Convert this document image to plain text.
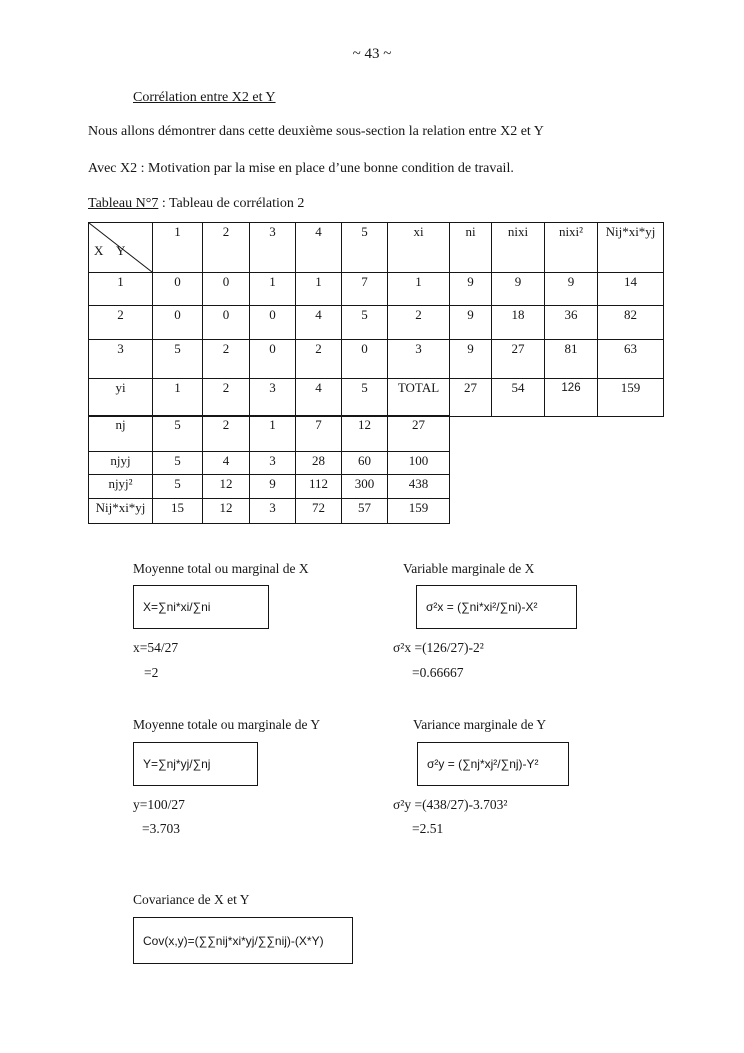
~ 43 ~
Corrélation entre X2 et Y
Nous allons démontrer dans cette deuxième sous-section la relation entre X2 et Y
Avec X2 : Motivation par la mise en place d’une bonne condition de travail.
Tableau N°7 : Tableau de corrélation 2
X Y	1	2	3	4	5	xi	ni	nixi	nixi²	Nij*xi*yj
1	0	0	1	1	7	1	9	9	9	14
2	0	0	0	4	5	2	9	18	36	82
3	5	2	0	2	0	3	9	27	81	63
yi	1	2	3	4	5	TOTAL	27	54	126	159
nj	5	2	1	7	12	27
njyj	5	4	3	28	60	100
njyj²	5	12	9	112	300	438
Nij*xi*yj	15	12	3	72	57	159
Moyenne total ou marginal de X
X=∑ni*xi/∑ni
x=54/27
=2
Variable marginale de X
σ²x = (∑ni*xi²/∑ni)-X²
σ²x =(126/27)-2²
=0.66667
Moyenne totale ou marginale de Y
Y=∑nj*yj/∑nj
y=100/27
=3.703
Variance marginale de Y
σ²y = (∑nj*xj²/∑nj)-Y²
σ²y =(438/27)-3.703²
=2.51
Covariance de X et Y
Cov(x,y)=(∑∑nij*xi*yj/∑∑nij)-(X*Y)
